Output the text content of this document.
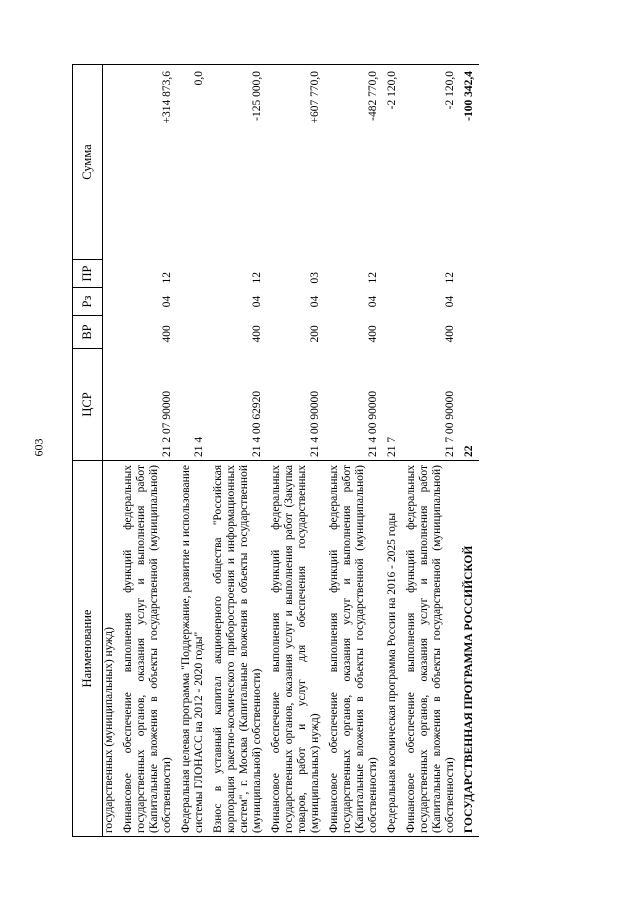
603
Наименование	ЦСР	ВР	Рз	ПР	Сумма
государственных (муниципальных) нужд)					
Финансовое обеспечение выполнения функций федеральных государственных органов, оказания услуг и выполнения работ (Капитальные вложения в объекты государственной (муниципальной) собственности)	21 2 07 90000	400	04	12	+314 873,6
Федеральная целевая программа "Поддержание, развитие и использование системы ГЛОНАСС на 2012 - 2020 годы"	21 4				0,0
Взнос в уставный капитал акционерного общества "Российская корпорация ракетно-космического приборостроения и информационных систем", г. Москва (Капитальные вложения в объекты государственной (муниципальной) собственности)	21 4 00 62920	400	04	12	-125 000,0
Финансовое обеспечение выполнения функций федеральных государственных органов, оказания услуг и выполнения работ (Закупка товаров, работ и услуг для обеспечения государственных (муниципальных) нужд)	21 4 00 90000	200	04	03	+607 770,0
Финансовое обеспечение выполнения функций федеральных государственных органов, оказания услуг и выполнения работ (Капитальные вложения в объекты государственной (муниципальной) собственности)	21 4 00 90000	400	04	12	-482 770,0
Федеральная космическая программа России на 2016 - 2025 годы	21 7				-2 120,0
Финансовое обеспечение выполнения функций федеральных государственных органов, оказания услуг и выполнения работ (Капитальные вложения в объекты государственной (муниципальной) собственности)	21 7 00 90000	400	04	12	-2 120,0
ГОСУДАРСТВЕННАЯ ПРОГРАММА РОССИЙСКОЙ	22				-100 342,4
